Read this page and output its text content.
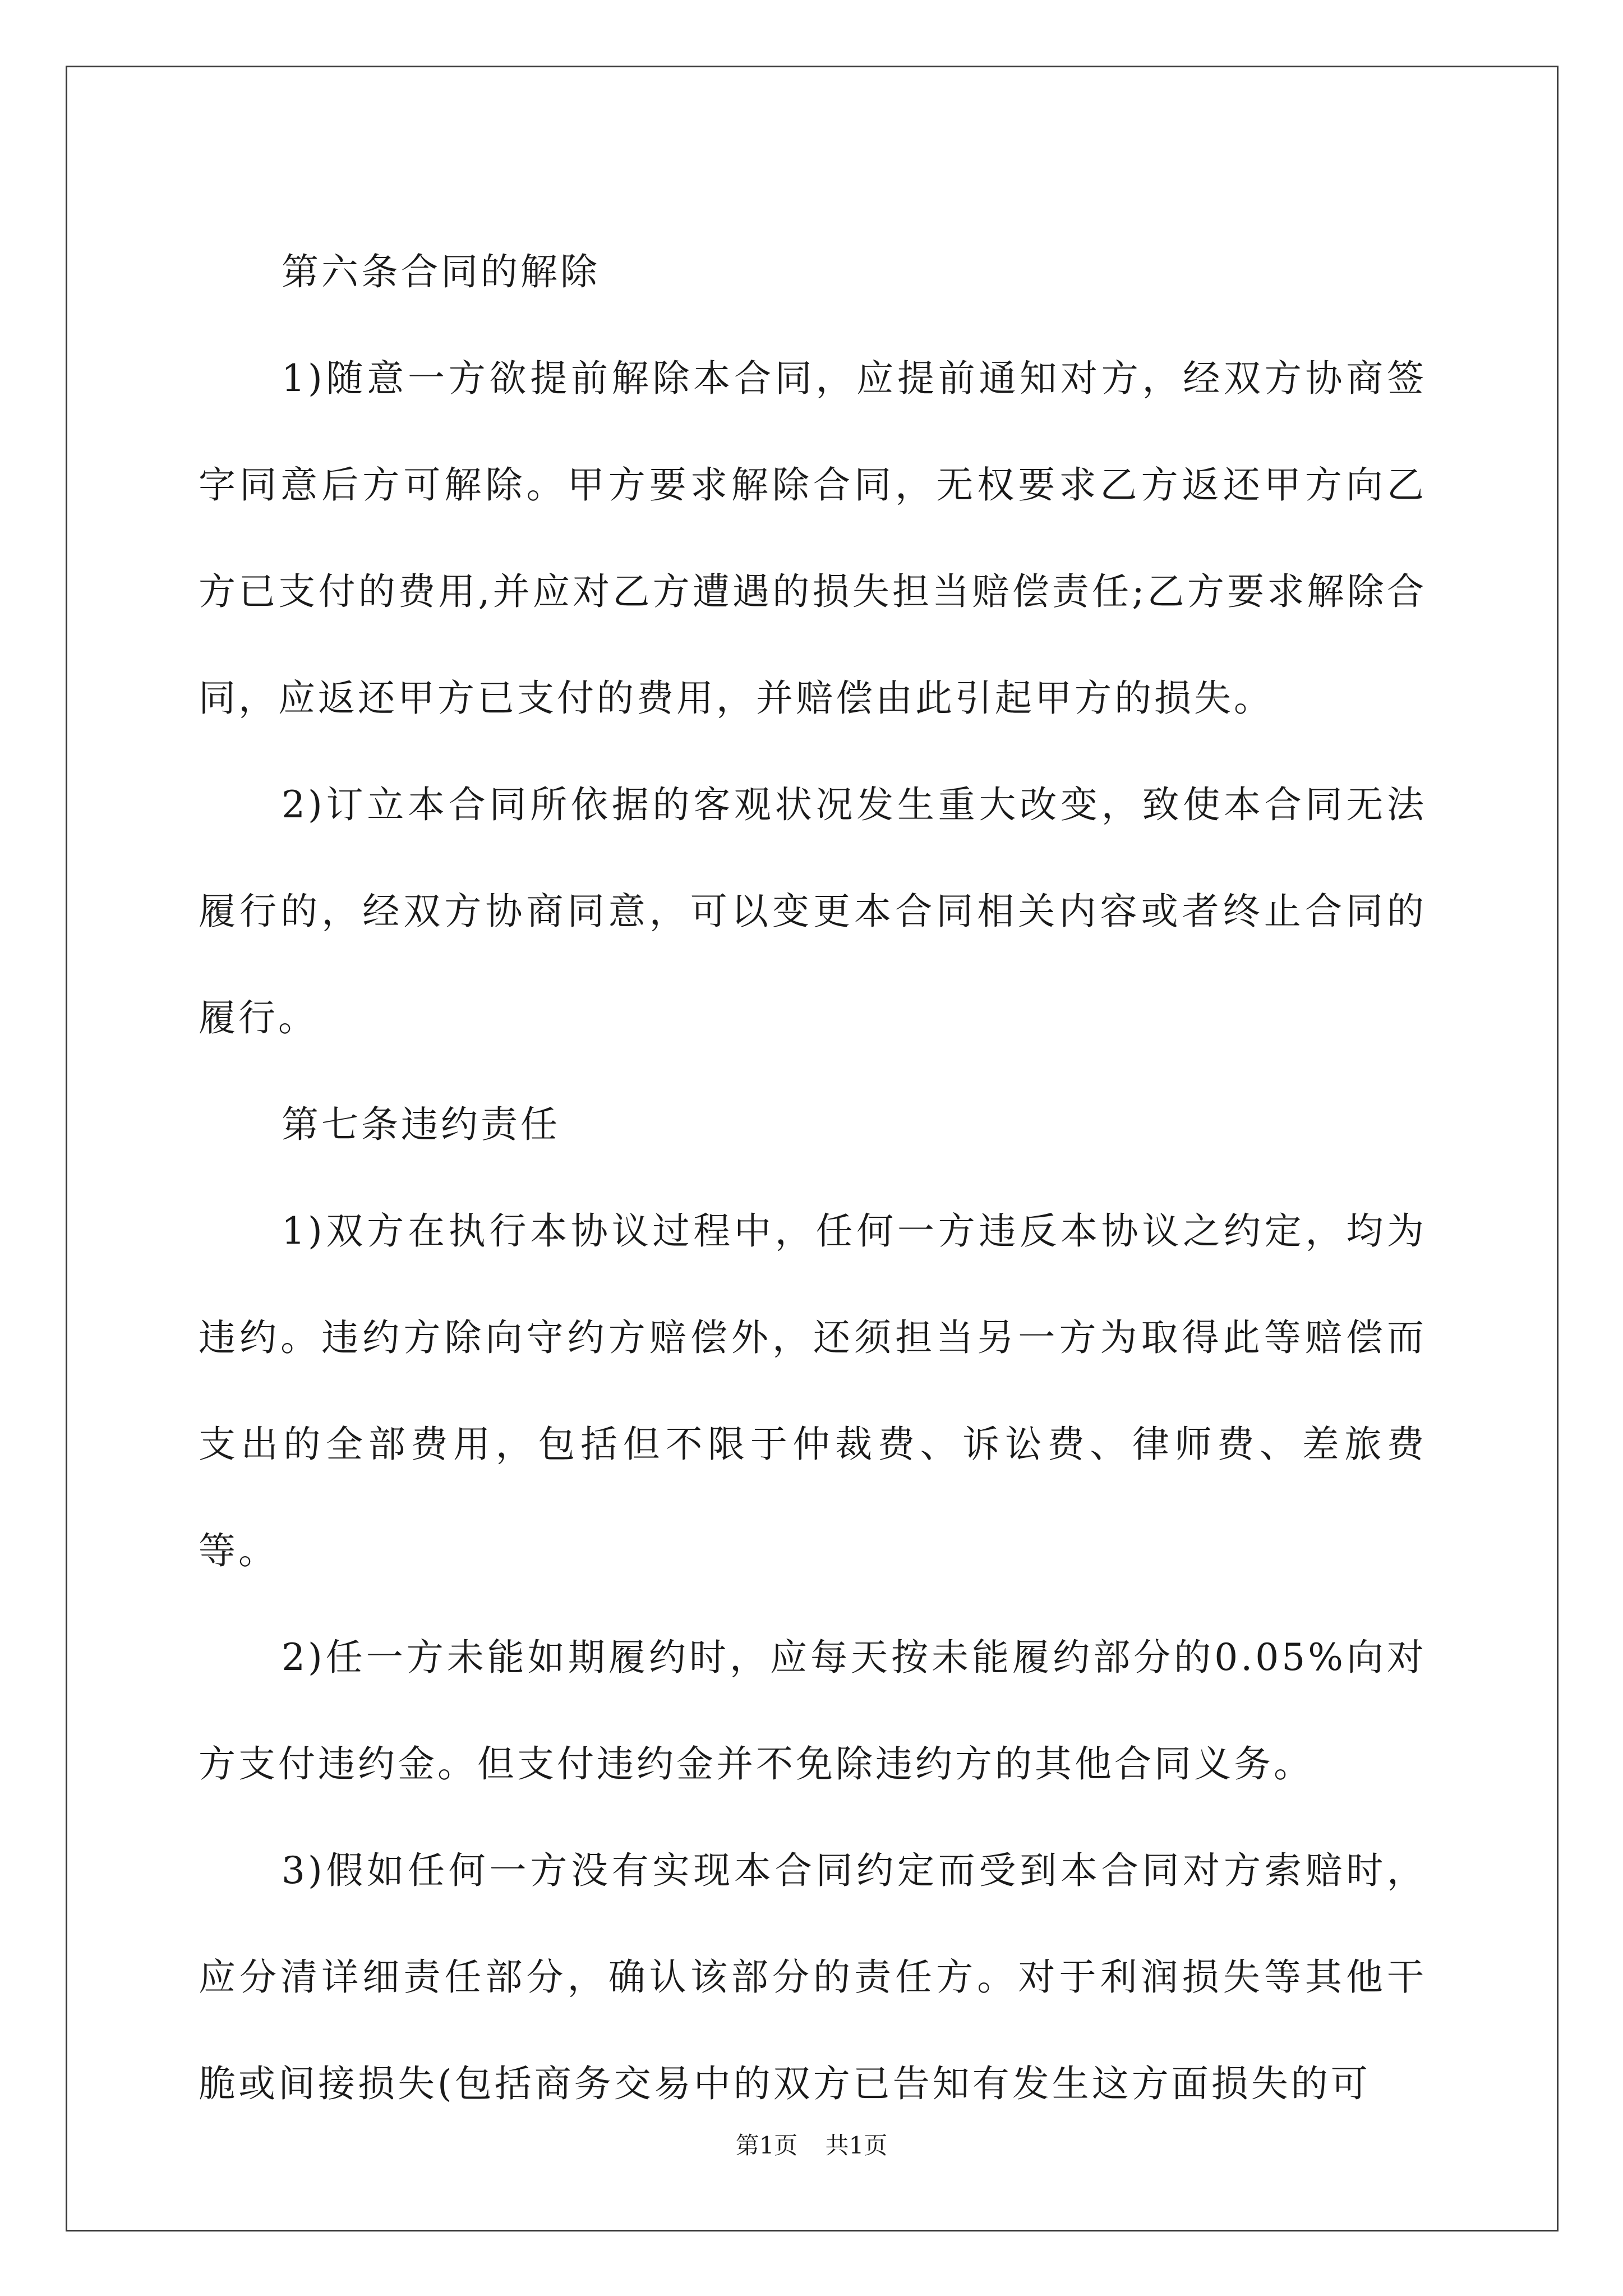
第六条合同的解除

1)随意一方欲提前解除本合同，应提前通知对方，经双方协商签字同意后方可解除。甲方要求解除合同，无权要求乙方返还甲方向乙方已支付的费用,并应对乙方遭遇的损失担当赔偿责任;乙方要求解除合同，应返还甲方已支付的费用，并赔偿由此引起甲方的损失。

2)订立本合同所依据的客观状况发生重大改变，致使本合同无法履行的，经双方协商同意，可以变更本合同相关内容或者终止合同的履行。

第七条违约责任

1)双方在执行本协议过程中，任何一方违反本协议之约定，均为违约。违约方除向守约方赔偿外，还须担当另一方为取得此等赔偿而支出的全部费用，包括但不限于仲裁费、诉讼费、律师费、差旅费等。

2)任一方未能如期履约时，应每天按未能履约部分的0.05%向对方支付违约金。但支付违约金并不免除违约方的其他合同义务。

3)假如任何一方没有实现本合同约定而受到本合同对方索赔时，应分清详细责任部分，确认该部分的责任方。对于利润损失等其他干脆或间接损失(包括商务交易中的双方已告知有发生这方面损失的可

第1页 共1页
